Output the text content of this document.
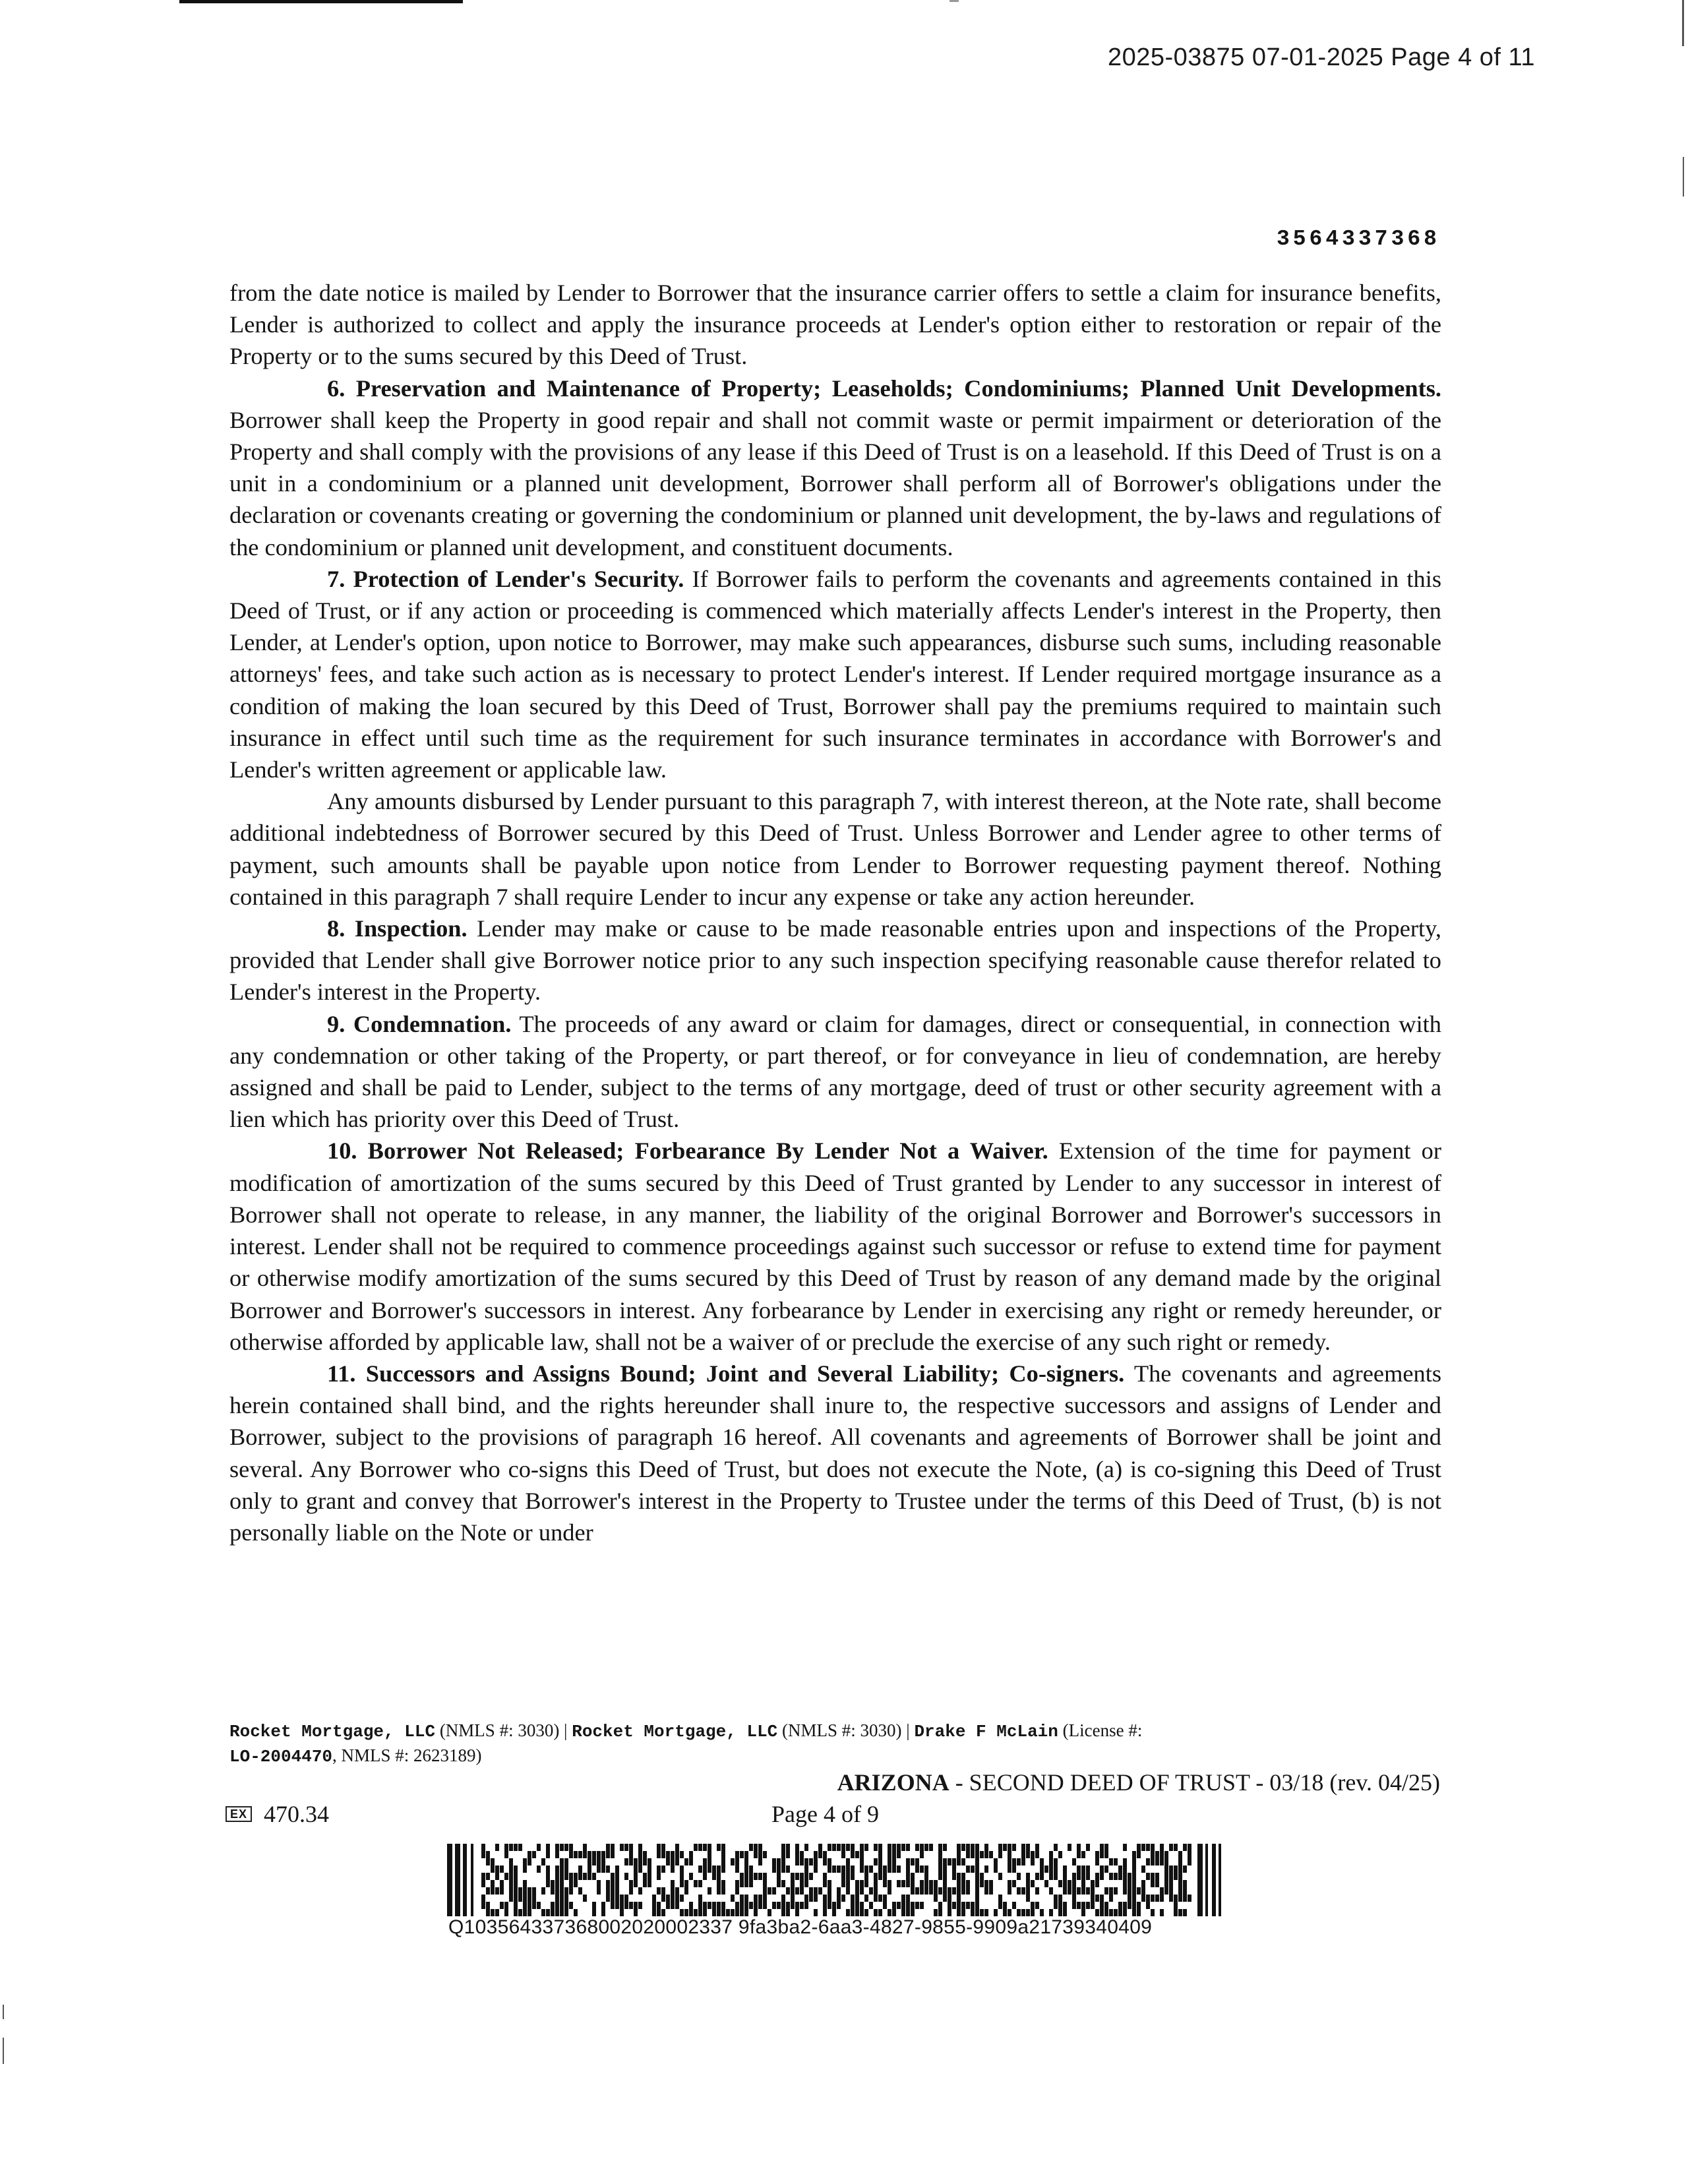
2025-03875 07-01-2025 Page 4 of 11
3564337368

from the date notice is mailed by Lender to Borrower that the insurance carrier offers to settle a claim for insurance benefits, Lender is authorized to collect and apply the insurance proceeds at Lender's option either to restoration or repair of the Property or to the sums secured by this Deed of Trust.

6. Preservation and Maintenance of Property; Leaseholds; Condominiums; Planned Unit Developments. Borrower shall keep the Property in good repair and shall not commit waste or permit impairment or deterioration of the Property and shall comply with the provisions of any lease if this Deed of Trust is on a leasehold. If this Deed of Trust is on a unit in a condominium or a planned unit development, Borrower shall perform all of Borrower's obligations under the declaration or covenants creating or governing the condominium or planned unit development, the by-laws and regulations of the condominium or planned unit development, and constituent documents.

7. Protection of Lender's Security. If Borrower fails to perform the covenants and agreements contained in this Deed of Trust, or if any action or proceeding is commenced which materially affects Lender's interest in the Property, then Lender, at Lender's option, upon notice to Borrower, may make such appearances, disburse such sums, including reasonable attorneys' fees, and take such action as is necessary to protect Lender's interest. If Lender required mortgage insurance as a condition of making the loan secured by this Deed of Trust, Borrower shall pay the premiums required to maintain such insurance in effect until such time as the requirement for such insurance terminates in accordance with Borrower's and Lender's written agreement or applicable law.

Any amounts disbursed by Lender pursuant to this paragraph 7, with interest thereon, at the Note rate, shall become additional indebtedness of Borrower secured by this Deed of Trust. Unless Borrower and Lender agree to other terms of payment, such amounts shall be payable upon notice from Lender to Borrower requesting payment thereof. Nothing contained in this paragraph 7 shall require Lender to incur any expense or take any action hereunder.

8. Inspection. Lender may make or cause to be made reasonable entries upon and inspections of the Property, provided that Lender shall give Borrower notice prior to any such inspection specifying reasonable cause therefor related to Lender's interest in the Property.

9. Condemnation. The proceeds of any award or claim for damages, direct or consequential, in connection with any condemnation or other taking of the Property, or part thereof, or for conveyance in lieu of condemnation, are hereby assigned and shall be paid to Lender, subject to the terms of any mortgage, deed of trust or other security agreement with a lien which has priority over this Deed of Trust.

10. Borrower Not Released; Forbearance By Lender Not a Waiver. Extension of the time for payment or modification of amortization of the sums secured by this Deed of Trust granted by Lender to any successor in interest of Borrower shall not operate to release, in any manner, the liability of the original Borrower and Borrower's successors in interest. Lender shall not be required to commence proceedings against such successor or refuse to extend time for payment or otherwise modify amortization of the sums secured by this Deed of Trust by reason of any demand made by the original Borrower and Borrower's successors in interest. Any forbearance by Lender in exercising any right or remedy hereunder, or otherwise afforded by applicable law, shall not be a waiver of or preclude the exercise of any such right or remedy.

11. Successors and Assigns Bound; Joint and Several Liability; Co-signers. The covenants and agreements herein contained shall bind, and the rights hereunder shall inure to, the respective successors and assigns of Lender and Borrower, subject to the provisions of paragraph 16 hereof. All covenants and agreements of Borrower shall be joint and several. Any Borrower who co-signs this Deed of Trust, but does not execute the Note, (a) is co-signing this Deed of Trust only to grant and convey that Borrower's interest in the Property to Trustee under the terms of this Deed of Trust, (b) is not personally liable on the Note or under

Rocket Mortgage, LLC (NMLS #: 3030) | Rocket Mortgage, LLC (NMLS #: 3030) | Drake F McLain (License #:
LO-2004470, NMLS #: 2623189)
ARIZONA - SECOND DEED OF TRUST - 03/18 (rev. 04/25)
EX 470.34	Page 4 of 9
Q103564337368002020002337 9fa3ba2-6aa3-4827-9855-9909a21739340409
